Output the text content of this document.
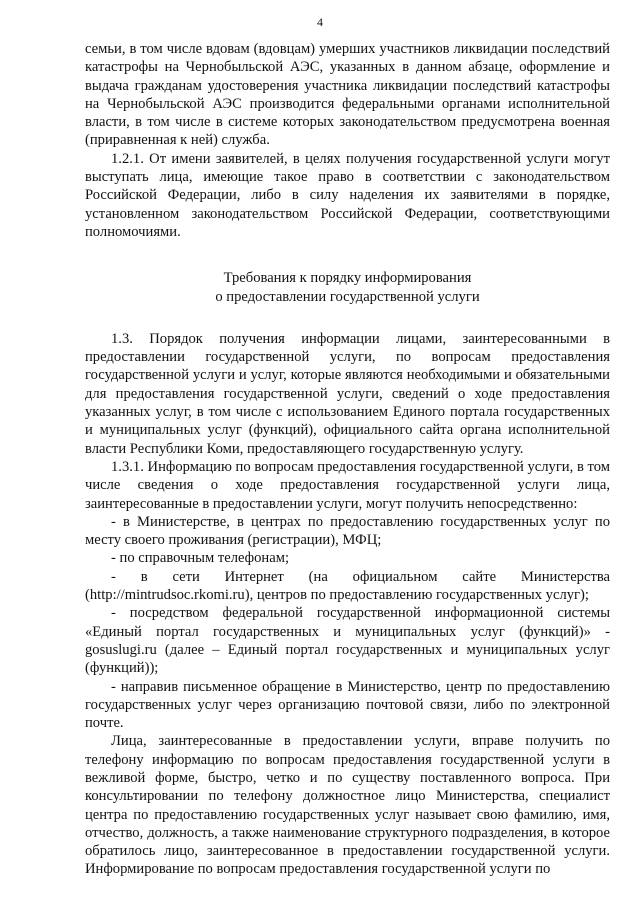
4

семьи, в том числе вдовам (вдовцам) умерших участников ликвидации последствий катастрофы на Чернобыльской АЭС, указанных в данном абзаце, оформление и выдача гражданам удостоверения участника ликвидации последствий катастрофы на Чернобыльской АЭС производится федеральными органами исполнительной власти, в том числе в системе которых законодательством предусмотрена военная (приравненная к ней) служба.

1.2.1. От имени заявителей, в целях получения государственной услуги могут выступать лица, имеющие такое право в соответствии с законодательством Российской Федерации, либо в силу наделения их заявителями в порядке, установленном законодательством Российской Федерации, соответствующими полномочиями.

Требования к порядку информирования
о предоставлении государственной услуги

1.3. Порядок получения информации лицами, заинтересованными в предоставлении государственной услуги, по вопросам предоставления государственной услуги и услуг, которые являются необходимыми и обязательными для предоставления государственной услуги, сведений о ходе предоставления указанных услуг, в том числе с использованием Единого портала государственных и муниципальных услуг (функций), официального сайта органа исполнительной власти Республики Коми, предоставляющего государственную услугу.

1.3.1. Информацию по вопросам предоставления государственной услуги, в том числе сведения о ходе предоставления государственной услуги лица, заинтересованные в предоставлении услуги, могут получить непосредственно:

- в Министерстве, в центрах по предоставлению государственных услуг по месту своего проживания (регистрации), МФЦ;

- по справочным телефонам;

- в сети Интернет (на официальном сайте Министерства (http://mintrudsoc.rkomi.ru), центров по предоставлению государственных услуг);

- посредством федеральной государственной информационной системы «Единый портал государственных и муниципальных услуг (функций)» - gosuslugi.ru (далее – Единый портал государственных и муниципальных услуг (функций));

- направив письменное обращение в Министерство, центр по предоставлению государственных услуг через организацию почтовой связи, либо по электронной почте.

Лица, заинтересованные в предоставлении услуги, вправе получить по телефону информацию по вопросам предоставления государственной услуги в вежливой форме, быстро, четко и по существу поставленного вопроса. При консультировании по телефону должностное лицо Министерства, специалист центра по предоставлению государственных услуг называет свою фамилию, имя, отчество, должность, а также наименование структурного подразделения, в которое обратилось лицо, заинтересованное в предоставлении государственной услуги. Информирование по вопросам предоставления государственной услуги по
